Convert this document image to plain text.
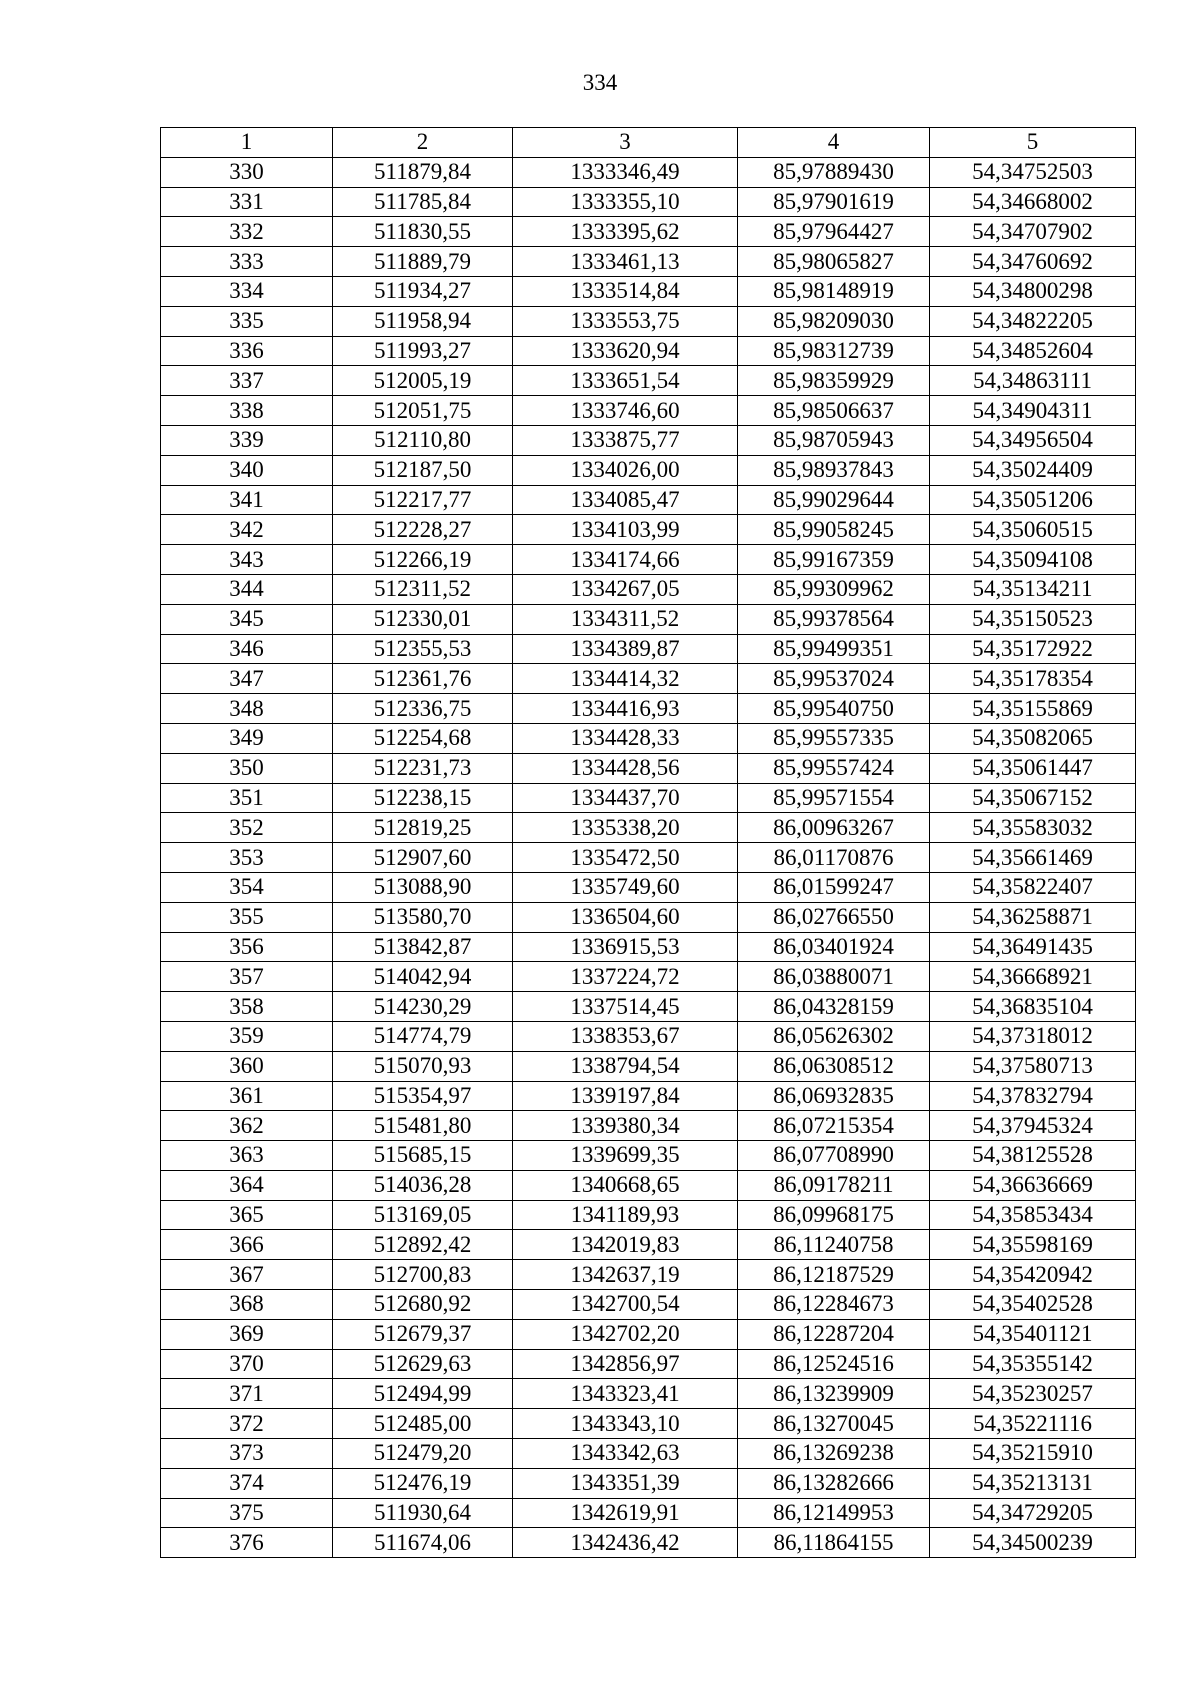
334
1	2	3	4	5
330	511879,84	1333346,49	85,97889430	54,34752503
331	511785,84	1333355,10	85,97901619	54,34668002
332	511830,55	1333395,62	85,97964427	54,34707902
333	511889,79	1333461,13	85,98065827	54,34760692
334	511934,27	1333514,84	85,98148919	54,34800298
335	511958,94	1333553,75	85,98209030	54,34822205
336	511993,27	1333620,94	85,98312739	54,34852604
337	512005,19	1333651,54	85,98359929	54,34863111
338	512051,75	1333746,60	85,98506637	54,34904311
339	512110,80	1333875,77	85,98705943	54,34956504
340	512187,50	1334026,00	85,98937843	54,35024409
341	512217,77	1334085,47	85,99029644	54,35051206
342	512228,27	1334103,99	85,99058245	54,35060515
343	512266,19	1334174,66	85,99167359	54,35094108
344	512311,52	1334267,05	85,99309962	54,35134211
345	512330,01	1334311,52	85,99378564	54,35150523
346	512355,53	1334389,87	85,99499351	54,35172922
347	512361,76	1334414,32	85,99537024	54,35178354
348	512336,75	1334416,93	85,99540750	54,35155869
349	512254,68	1334428,33	85,99557335	54,35082065
350	512231,73	1334428,56	85,99557424	54,35061447
351	512238,15	1334437,70	85,99571554	54,35067152
352	512819,25	1335338,20	86,00963267	54,35583032
353	512907,60	1335472,50	86,01170876	54,35661469
354	513088,90	1335749,60	86,01599247	54,35822407
355	513580,70	1336504,60	86,02766550	54,36258871
356	513842,87	1336915,53	86,03401924	54,36491435
357	514042,94	1337224,72	86,03880071	54,36668921
358	514230,29	1337514,45	86,04328159	54,36835104
359	514774,79	1338353,67	86,05626302	54,37318012
360	515070,93	1338794,54	86,06308512	54,37580713
361	515354,97	1339197,84	86,06932835	54,37832794
362	515481,80	1339380,34	86,07215354	54,37945324
363	515685,15	1339699,35	86,07708990	54,38125528
364	514036,28	1340668,65	86,09178211	54,36636669
365	513169,05	1341189,93	86,09968175	54,35853434
366	512892,42	1342019,83	86,11240758	54,35598169
367	512700,83	1342637,19	86,12187529	54,35420942
368	512680,92	1342700,54	86,12284673	54,35402528
369	512679,37	1342702,20	86,12287204	54,35401121
370	512629,63	1342856,97	86,12524516	54,35355142
371	512494,99	1343323,41	86,13239909	54,35230257
372	512485,00	1343343,10	86,13270045	54,35221116
373	512479,20	1343342,63	86,13269238	54,35215910
374	512476,19	1343351,39	86,13282666	54,35213131
375	511930,64	1342619,91	86,12149953	54,34729205
376	511674,06	1342436,42	86,11864155	54,34500239
